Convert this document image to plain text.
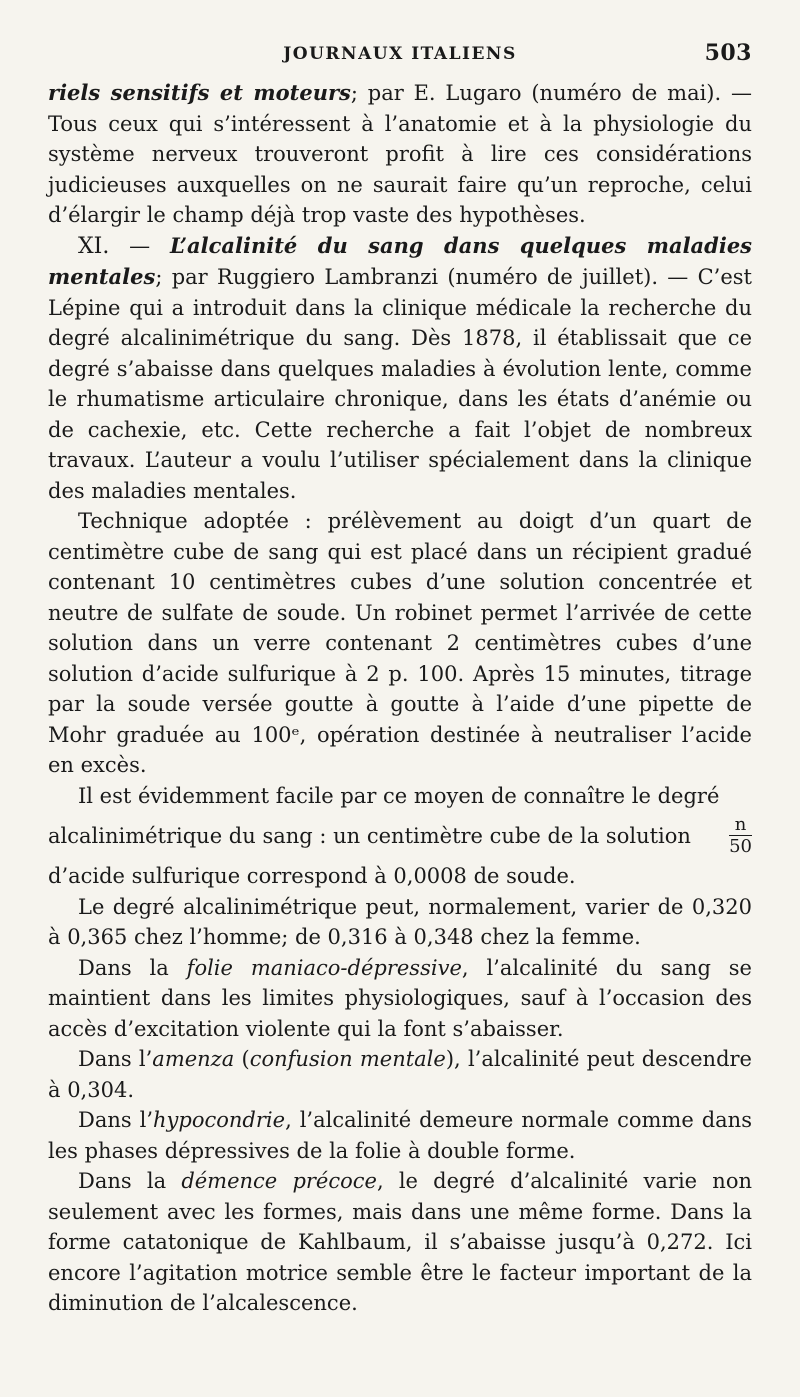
JOURNAUX ITALIENS	503

riels sensitifs et moteurs; par E. Lugaro (numéro de mai). — Tous ceux qui s’intéressent à l’anatomie et à la physiologie du système nerveux trouveront profit à lire ces considérations judicieuses auxquelles on ne saurait faire qu’un reproche, celui d’élargir le champ déjà trop vaste des hypothèses.

XI. — L’alcalinité du sang dans quelques maladies mentales; par Ruggiero Lambranzi (numéro de juillet). — C’est Lépine qui a introduit dans la clinique médicale la recherche du degré alcalinimétrique du sang. Dès 1878, il établissait que ce degré s’abaisse dans quelques maladies à évolution lente, comme le rhumatisme articulaire chronique, dans les états d’anémie ou de cachexie, etc. Cette recherche a fait l’objet de nombreux travaux. L’auteur a voulu l’utiliser spécialement dans la clinique des maladies mentales.

Technique adoptée : prélèvement au doigt d’un quart de centimètre cube de sang qui est placé dans un récipient gradué contenant 10 centimètres cubes d’une solution concentrée et neutre de sulfate de soude. Un robinet permet l’arrivée de cette solution dans un verre contenant 2 centimètres cubes d’une solution d’acide sulfurique à 2 p. 100. Après 15 minutes, titrage par la soude versée goutte à goutte à l’aide d’une pipette de Mohr graduée au 100ᵉ, opération destinée à neutraliser l’acide en excès.

Il est évidemment facile par ce moyen de connaître le degré

alcalinimétrique du sang : un centimètre cube de la solution $\frac{n}{50}$

d’acide sulfurique correspond à 0,0008 de soude.

Le degré alcalinimétrique peut, normalement, varier de 0,320 à 0,365 chez l’homme; de 0,316 à 0,348 chez la femme.

Dans la folie maniaco-dépressive, l’alcalinité du sang se maintient dans les limites physiologiques, sauf à l’occasion des accès d’excitation violente qui la font s’abaisser.

Dans l’amenza (confusion mentale), l’alcalinité peut descendre à 0,304.

Dans l’hypocondrie, l’alcalinité demeure normale comme dans les phases dépressives de la folie à double forme.

Dans la démence précoce, le degré d’alcalinité varie non seulement avec les formes, mais dans une même forme. Dans la forme catatonique de Kahlbaum, il s’abaisse jusqu’à 0,272. Ici encore l’agitation motrice semble être le facteur important de la diminution de l’alcalescence.
